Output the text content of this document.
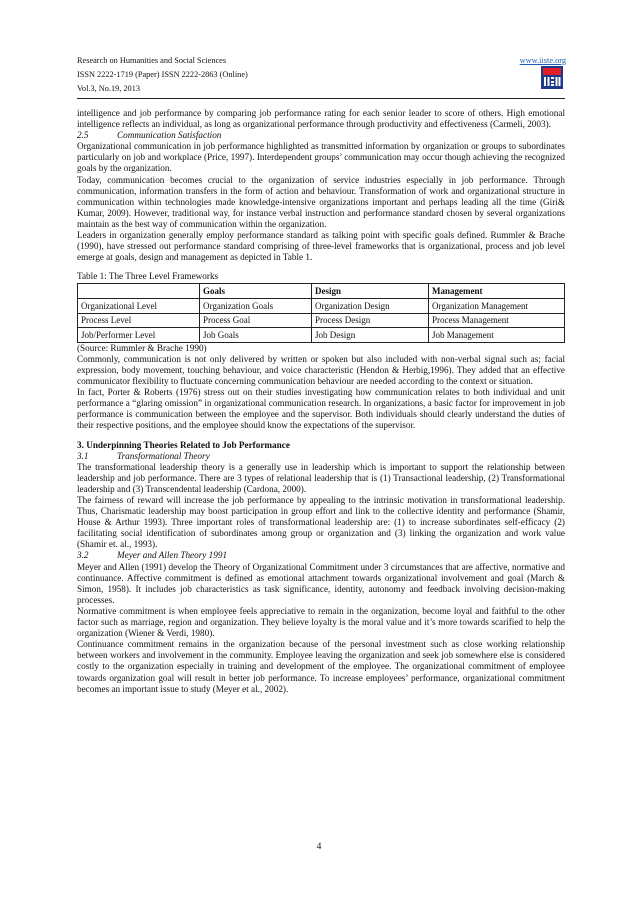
Research on Humanities and Social Sciences
ISSN 2222-1719 (Paper) ISSN 2222-2863 (Online)
Vol.3, No.19, 2013
www.iiste.org

intelligence and job performance by comparing job performance rating for each senior leader to score of others. High emotional intelligence reflects an individual, as long as organizational performance through productivity and effectiveness (Carmeli, 2003).

2.5	Communication Satisfaction

Organizational communication in job performance highlighted as transmitted information by organization or groups to subordinates particularly on job and workplace (Price, 1997). Interdependent groups’ communication may occur though achieving the recognized goals by the organization.

Today, communication becomes crucial to the organization of service industries especially in job performance. Through communication, information transfers in the form of action and behaviour. Transformation of work and organizational structure in communication within technologies made knowledge-intensive organizations important and perhaps leading all the time (Giri& Kumar, 2009). However, traditional way, for instance verbal instruction and performance standard chosen by several organizations maintain as the best way of communication within the organization.

Leaders in organization generally employ performance standard as talking point with specific goals defined. Rummler & Brache (1990), have stressed out performance standard comprising of three-level frameworks that is organizational, process and job level emerge at goals, design and management as depicted in Table 1.

Table 1: The Three Level Frameworks
	Goals	Design	Management
Organizational Level	Organization Goals	Organization Design	Organization Management
Process Level	Process Goal	Process Design	Process Management
Job/Performer Level	Job Goals	Job Design	Job Management

(Source: Rummler & Brache 1990)

Commonly, communication is not only delivered by written or spoken but also included with non-verbal signal such as; facial expression, body movement, touching behaviour, and voice characteristic (Hendon & Herbig,1996). They added that an effective communicator flexibility to fluctuate concerning communication behaviour are needed according to the context or situation.

In fact, Porter & Roberts (1976) stress out on their studies investigating how communication relates to both individual and unit performance a “glaring omission” in organizational communication research. In organizations, a basic factor for improvement in job performance is communication between the employee and the supervisor. Both individuals should clearly understand the duties of their respective positions, and the employee should know the expectations of the supervisor.

3. Underpinning Theories Related to Job Performance
3.1	Transformational Theory

The transformational leadership theory is a generally use in leadership which is important to support the relationship between leadership and job performance. There are 3 types of relational leadership that is (1) Transactional leadership, (2) Transformational leadership and (3) Transcendental leadership (Cardona, 2000).

The fairness of reward will increase the job performance by appealing to the intrinsic motivation in transformational leadership. Thus, Charismatic leadership may boost participation in group effort and link to the collective identity and performance (Shamir, House & Arthur 1993). Three important roles of transformational leadership are: (1) to increase subordinates self-efficacy (2) facilitating social identification of subordinates among group or organization and (3) linking the organization and work value (Shamir et. al., 1993).

3.2	Meyer and Allen Theory 1991

Meyer and Allen (1991) develop the Theory of Organizational Commitment under 3 circumstances that are affective, normative and continuance. Affective commitment is defined as emotional attachment towards organizational involvement and goal (March & Simon, 1958). It includes job characteristics as task significance, identity, autonomy and feedback involving decision-making processes.

Normative commitment is when employee feels appreciative to remain in the organization, become loyal and faithful to the other factor such as marriage, region and organization. They believe loyalty is the moral value and it’s more towards scarified to help the organization (Wiener & Verdi, 1980).

Continuance commitment remains in the organization because of the personal investment such as close working relationship between workers and involvement in the community. Employee leaving the organization and seek job somewhere else is considered costly to the organization especially in training and development of the employee. The organizational commitment of employee towards organization goal will result in better job performance. To increase employees’ performance, organizational commitment becomes an important issue to study (Meyer et al., 2002).

4
